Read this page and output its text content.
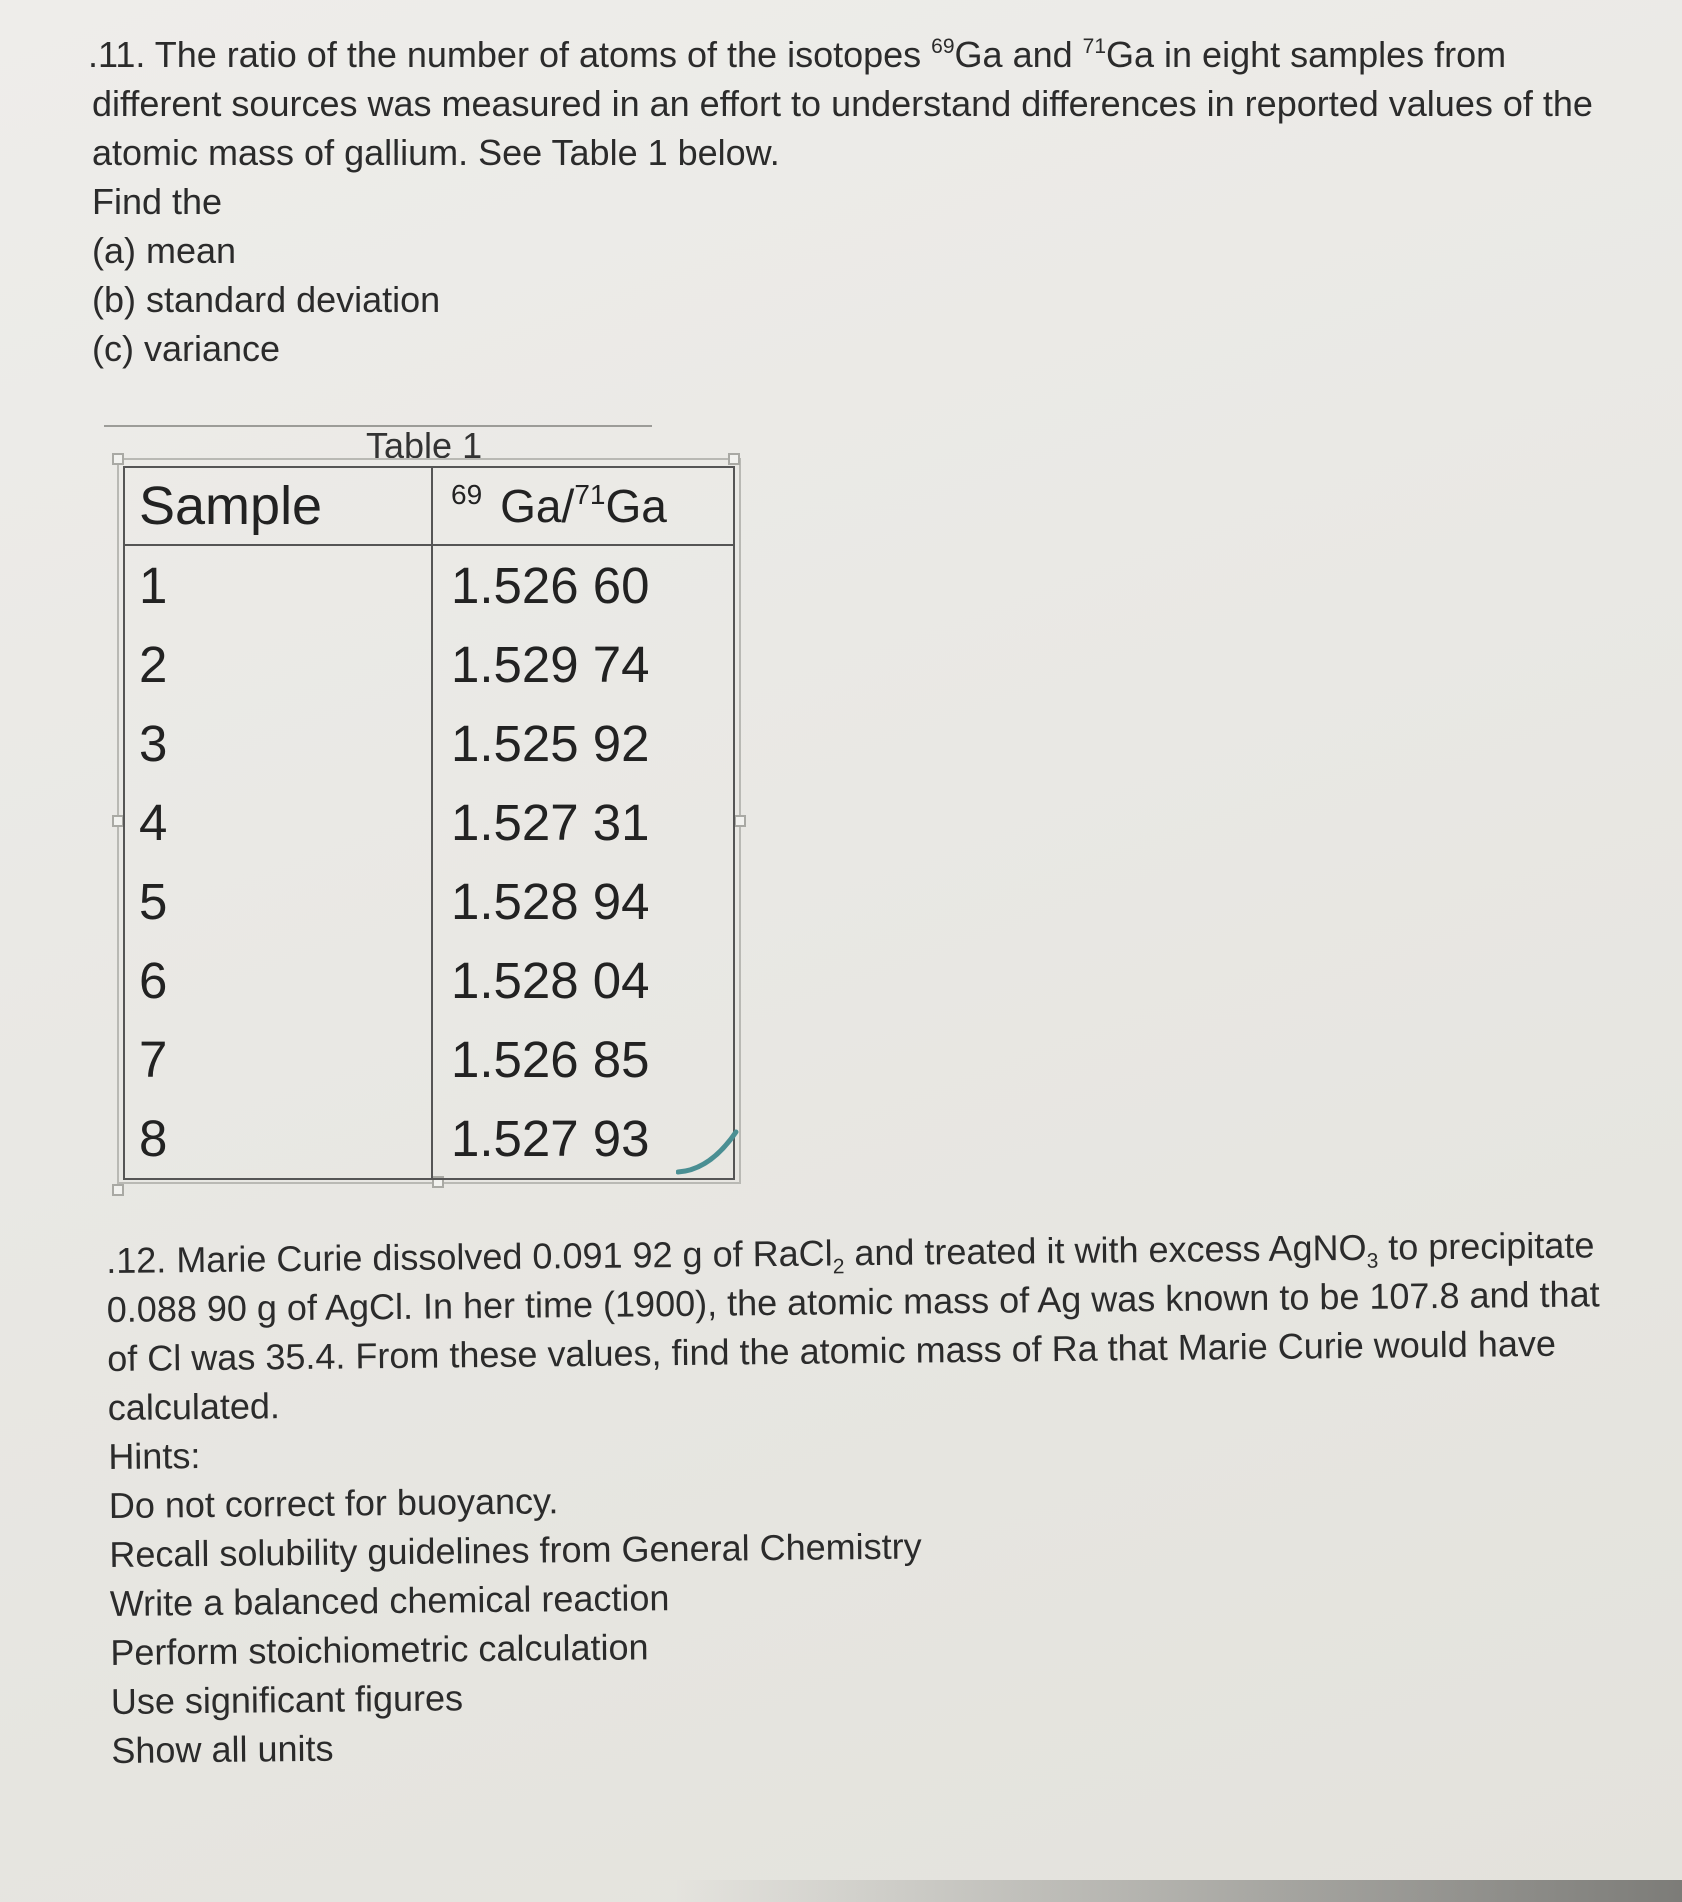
.11. The ratio of the number of atoms of the isotopes $^{69}$Ga and $^{71}$Ga in eight samples from different sources was measured in an effort to understand differences in reported values of the atomic mass of gallium. See Table 1 below.

Find the
(a) mean
(b) standard deviation
(c) variance
Table 1
Sample	$^{69}$ Ga/$^{71}$Ga
1	1.526 60
2	1.529 74
3	1.525 92
4	1.527 31
5	1.528 94
6	1.528 04
7	1.526 85
8	1.527 93

.12. Marie Curie dissolved 0.091 92 g of RaCl$_2$ and treated it with excess AgNO$_3$ to precipitate 0.088 90 g of AgCl. In her time (1900), the atomic mass of Ag was known to be 107.8 and that of Cl was 35.4. From these values, find the atomic mass of Ra that Marie Curie would have calculated.

Hints:
Do not correct for buoyancy.
Recall solubility guidelines from General Chemistry
Write a balanced chemical reaction
Perform stoichiometric calculation
Use significant figures
Show all units
